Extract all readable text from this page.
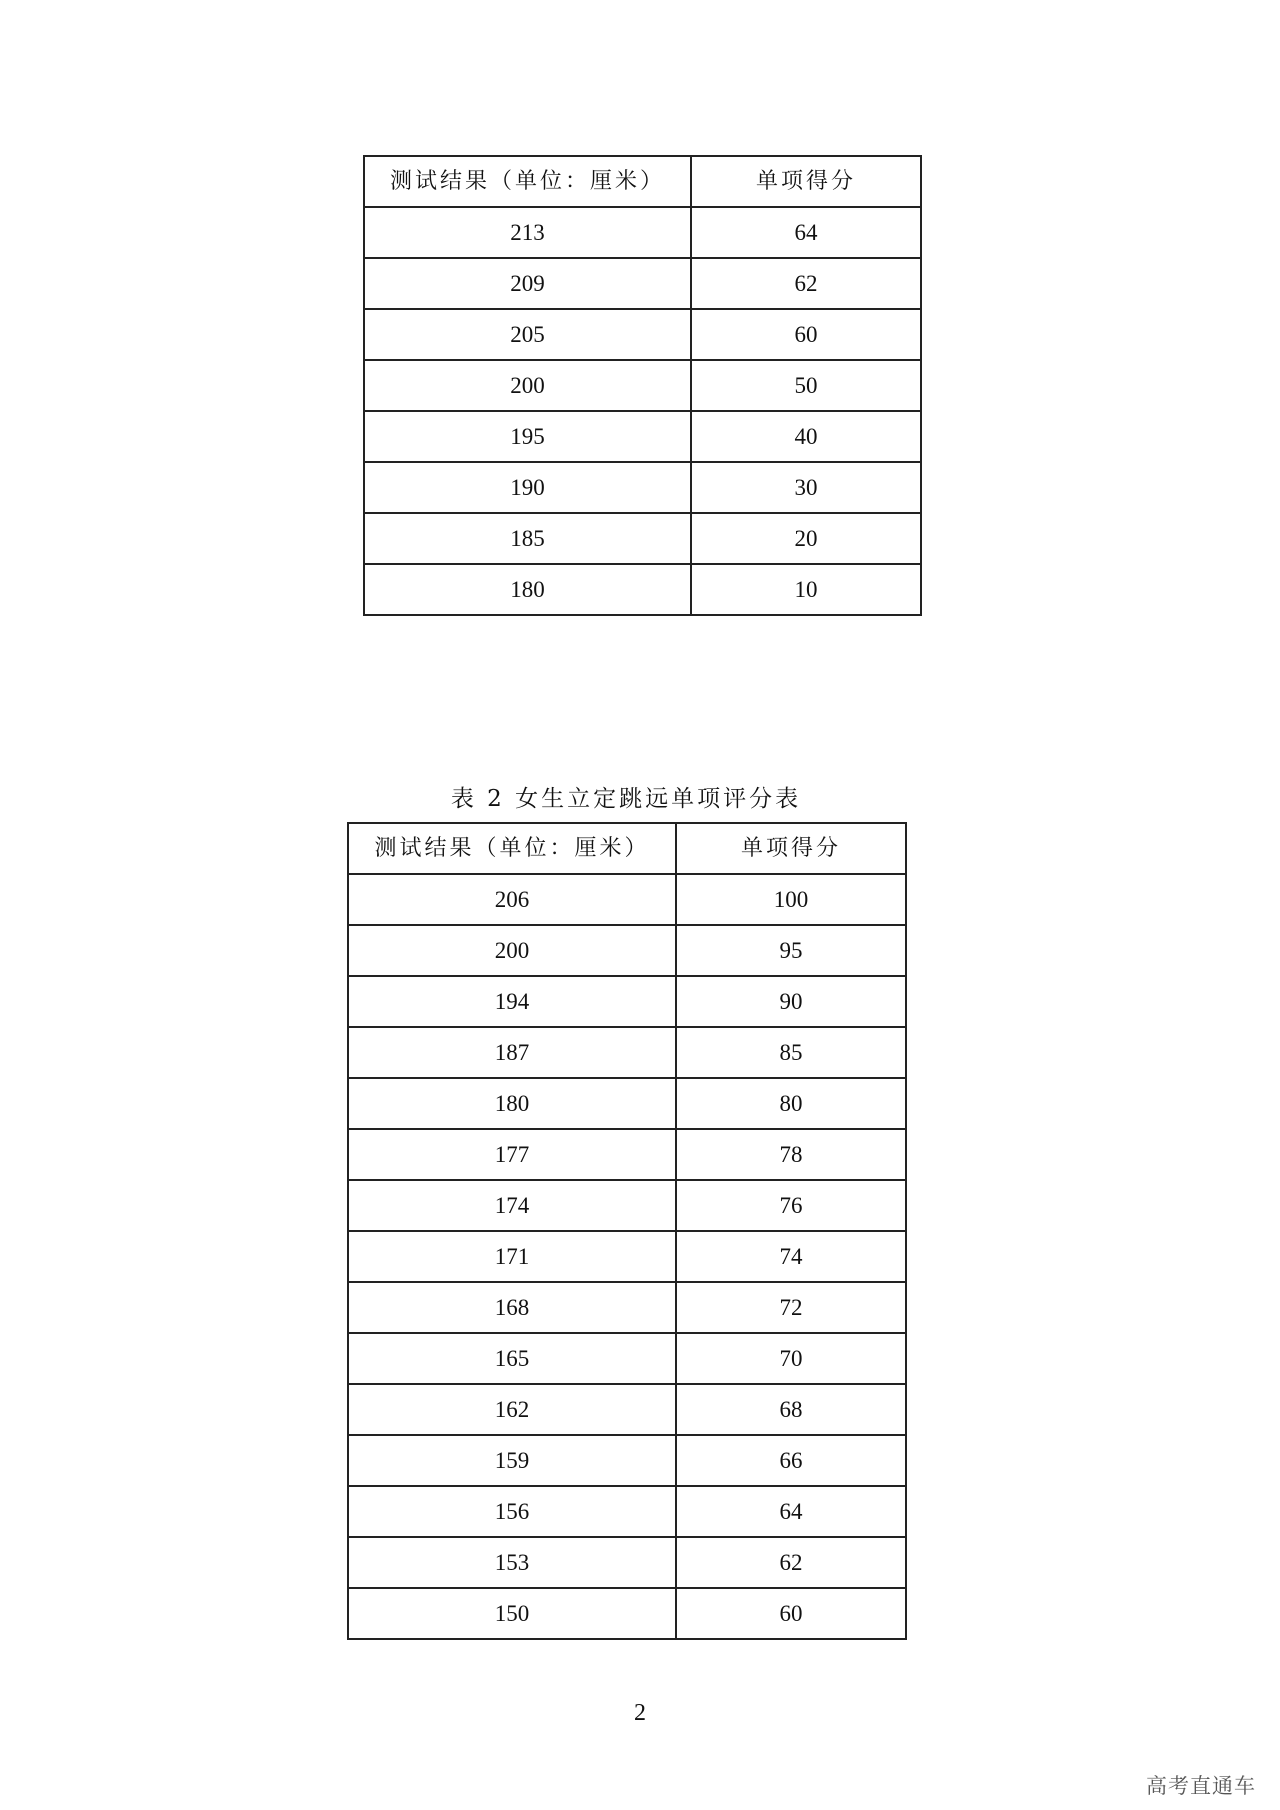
测试结果（单位：厘米）	单项得分
213	64
209	62
205	60
200	50
195	40
190	30
185	20
180	10
表 2 女生立定跳远单项评分表
测试结果（单位：厘米）	单项得分
206	100
200	95
194	90
187	85
180	80
177	78
174	76
171	74
168	72
165	70
162	68
159	66
156	64
153	62
150	60
2
高考直通车
